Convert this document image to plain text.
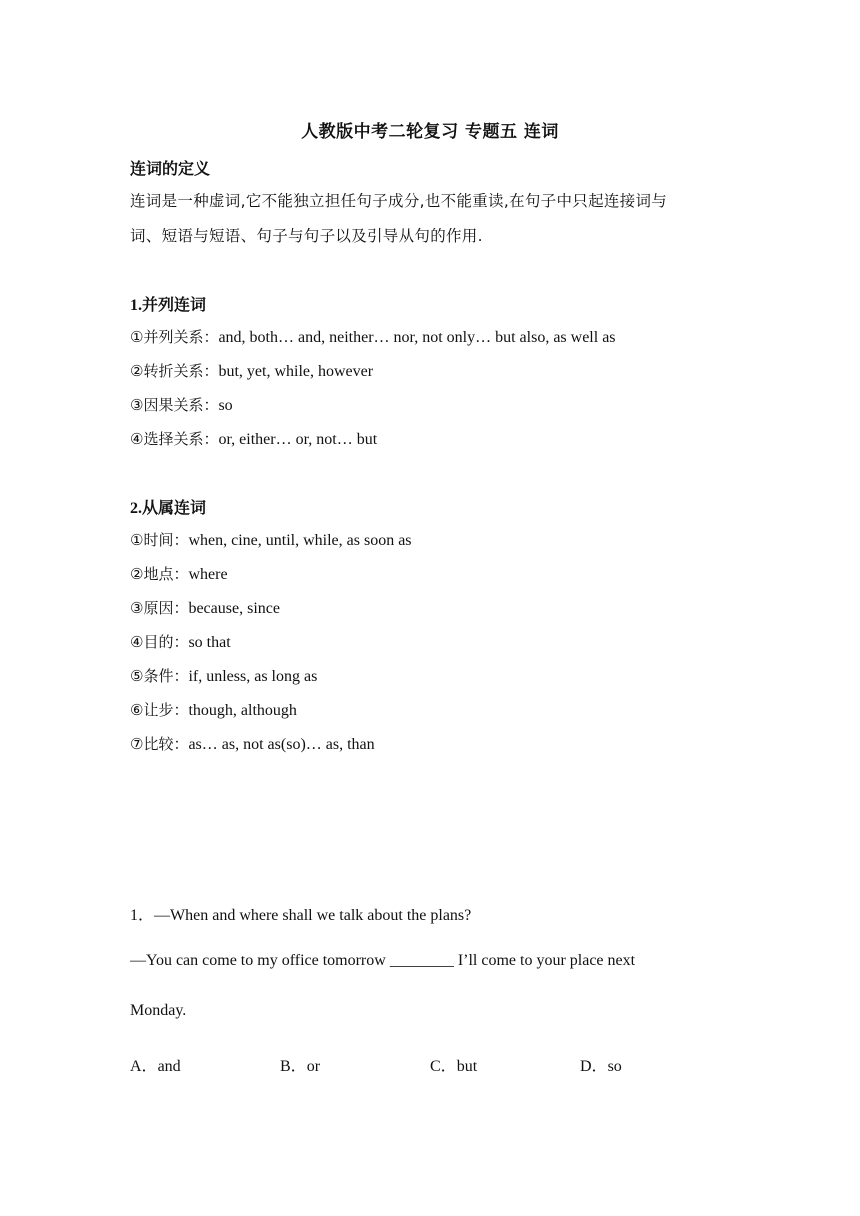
人教版中考二轮复习 专题五 连词
连词的定义
连词是一种虚词,它不能独立担任句子成分,也不能重读,在句子中只起连接词与
词、短语与短语、句子与句子以及引导从句的作用.
1.并列连词
①并列关系：and, both… and, neither… nor, not only… but also, as well as
②转折关系：but, yet, while, however
③因果关系：so
④选择关系：or, either… or, not… but
2.从属连词
①时间：when, cine, until, while, as soon as
②地点：where
③原因：because, since
④目的：so that
⑤条件：if, unless, as long as
⑥让步：though, although
⑦比较：as… as, not as(so)… as, than
1．—When and where shall we talk about the plans?
—You can come to my office tomorrow ________ I’ll come to your place next
Monday.
A．and	B．or	C．but	D．so
